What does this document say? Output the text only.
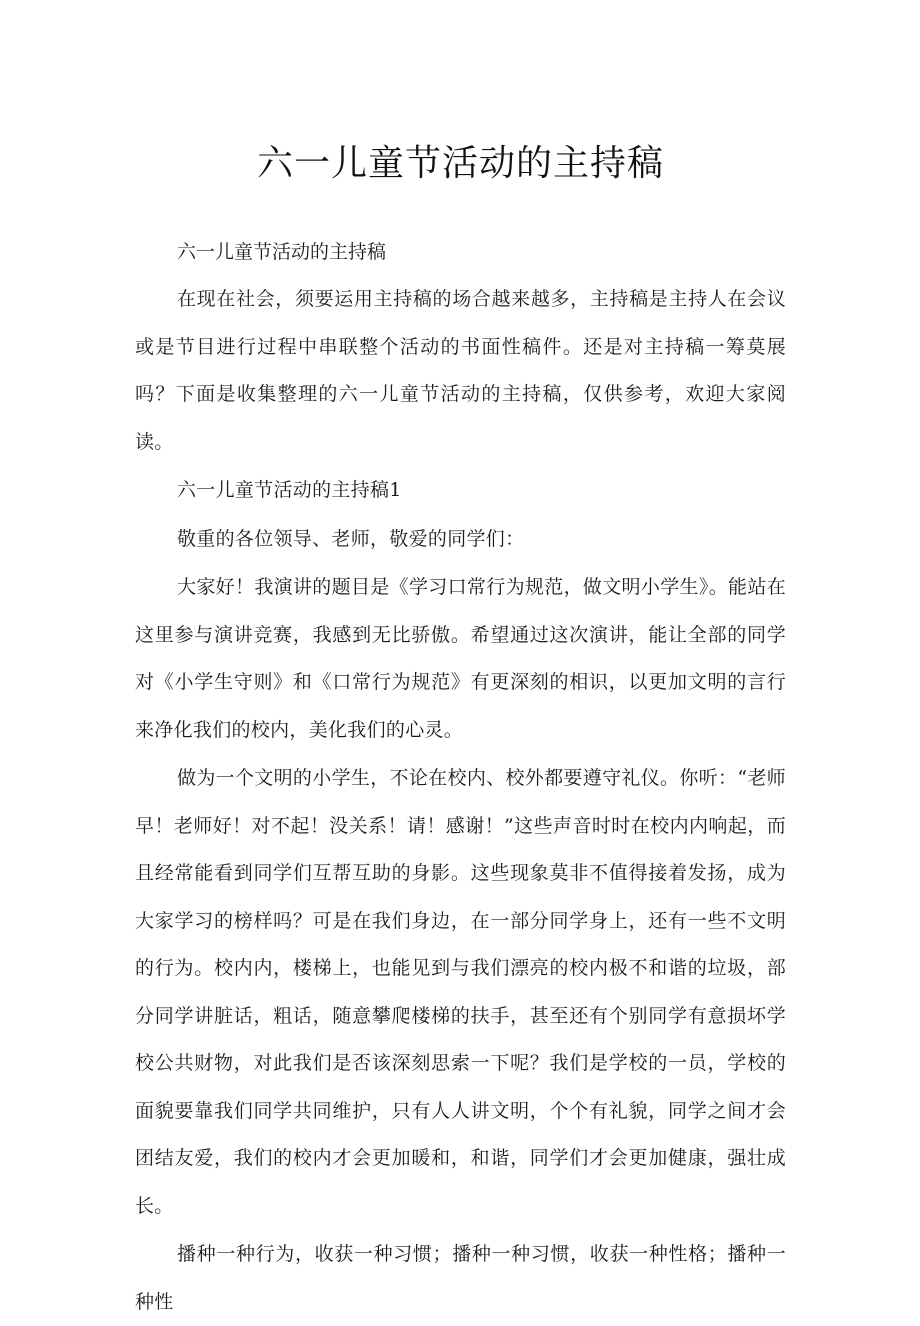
六一儿童节活动的主持稿

六一儿童节活动的主持稿

在现在社会，须要运用主持稿的场合越来越多，主持稿是主持人在会议或是节目进行过程中串联整个活动的书面性稿件。还是对主持稿一筹莫展吗？下面是收集整理的六一儿童节活动的主持稿，仅供参考，欢迎大家阅读。

六一儿童节活动的主持稿1

敬重的各位领导、老师，敬爱的同学们：

大家好！我演讲的题目是《学习口常行为规范，做文明小学生》。能站在这里参与演讲竞赛，我感到无比骄傲。希望通过这次演讲，能让全部的同学对《小学生守则》和《口常行为规范》有更深刻的相识，以更加文明的言行来净化我们的校内，美化我们的心灵。

做为一个文明的小学生，不论在校内、校外都要遵守礼仪。你听：“老师早！老师好！对不起！没关系！请！感谢！”这些声音时时在校内内响起，而且经常能看到同学们互帮互助的身影。这些现象莫非不值得接着发扬，成为大家学习的榜样吗？可是在我们身边，在一部分同学身上，还有一些不文明的行为。校内内，楼梯上，也能见到与我们漂亮的校内极不和谐的垃圾，部分同学讲脏话，粗话，随意攀爬楼梯的扶手，甚至还有个别同学有意损坏学校公共财物，对此我们是否该深刻思索一下呢？我们是学校的一员，学校的面貌要靠我们同学共同维护，只有人人讲文明，个个有礼貌，同学之间才会团结友爱，我们的校内才会更加暖和，和谐，同学们才会更加健康，强壮成长。

播种一种行为，收获一种习惯；播种一种习惯，收获一种性格；播种一种性
